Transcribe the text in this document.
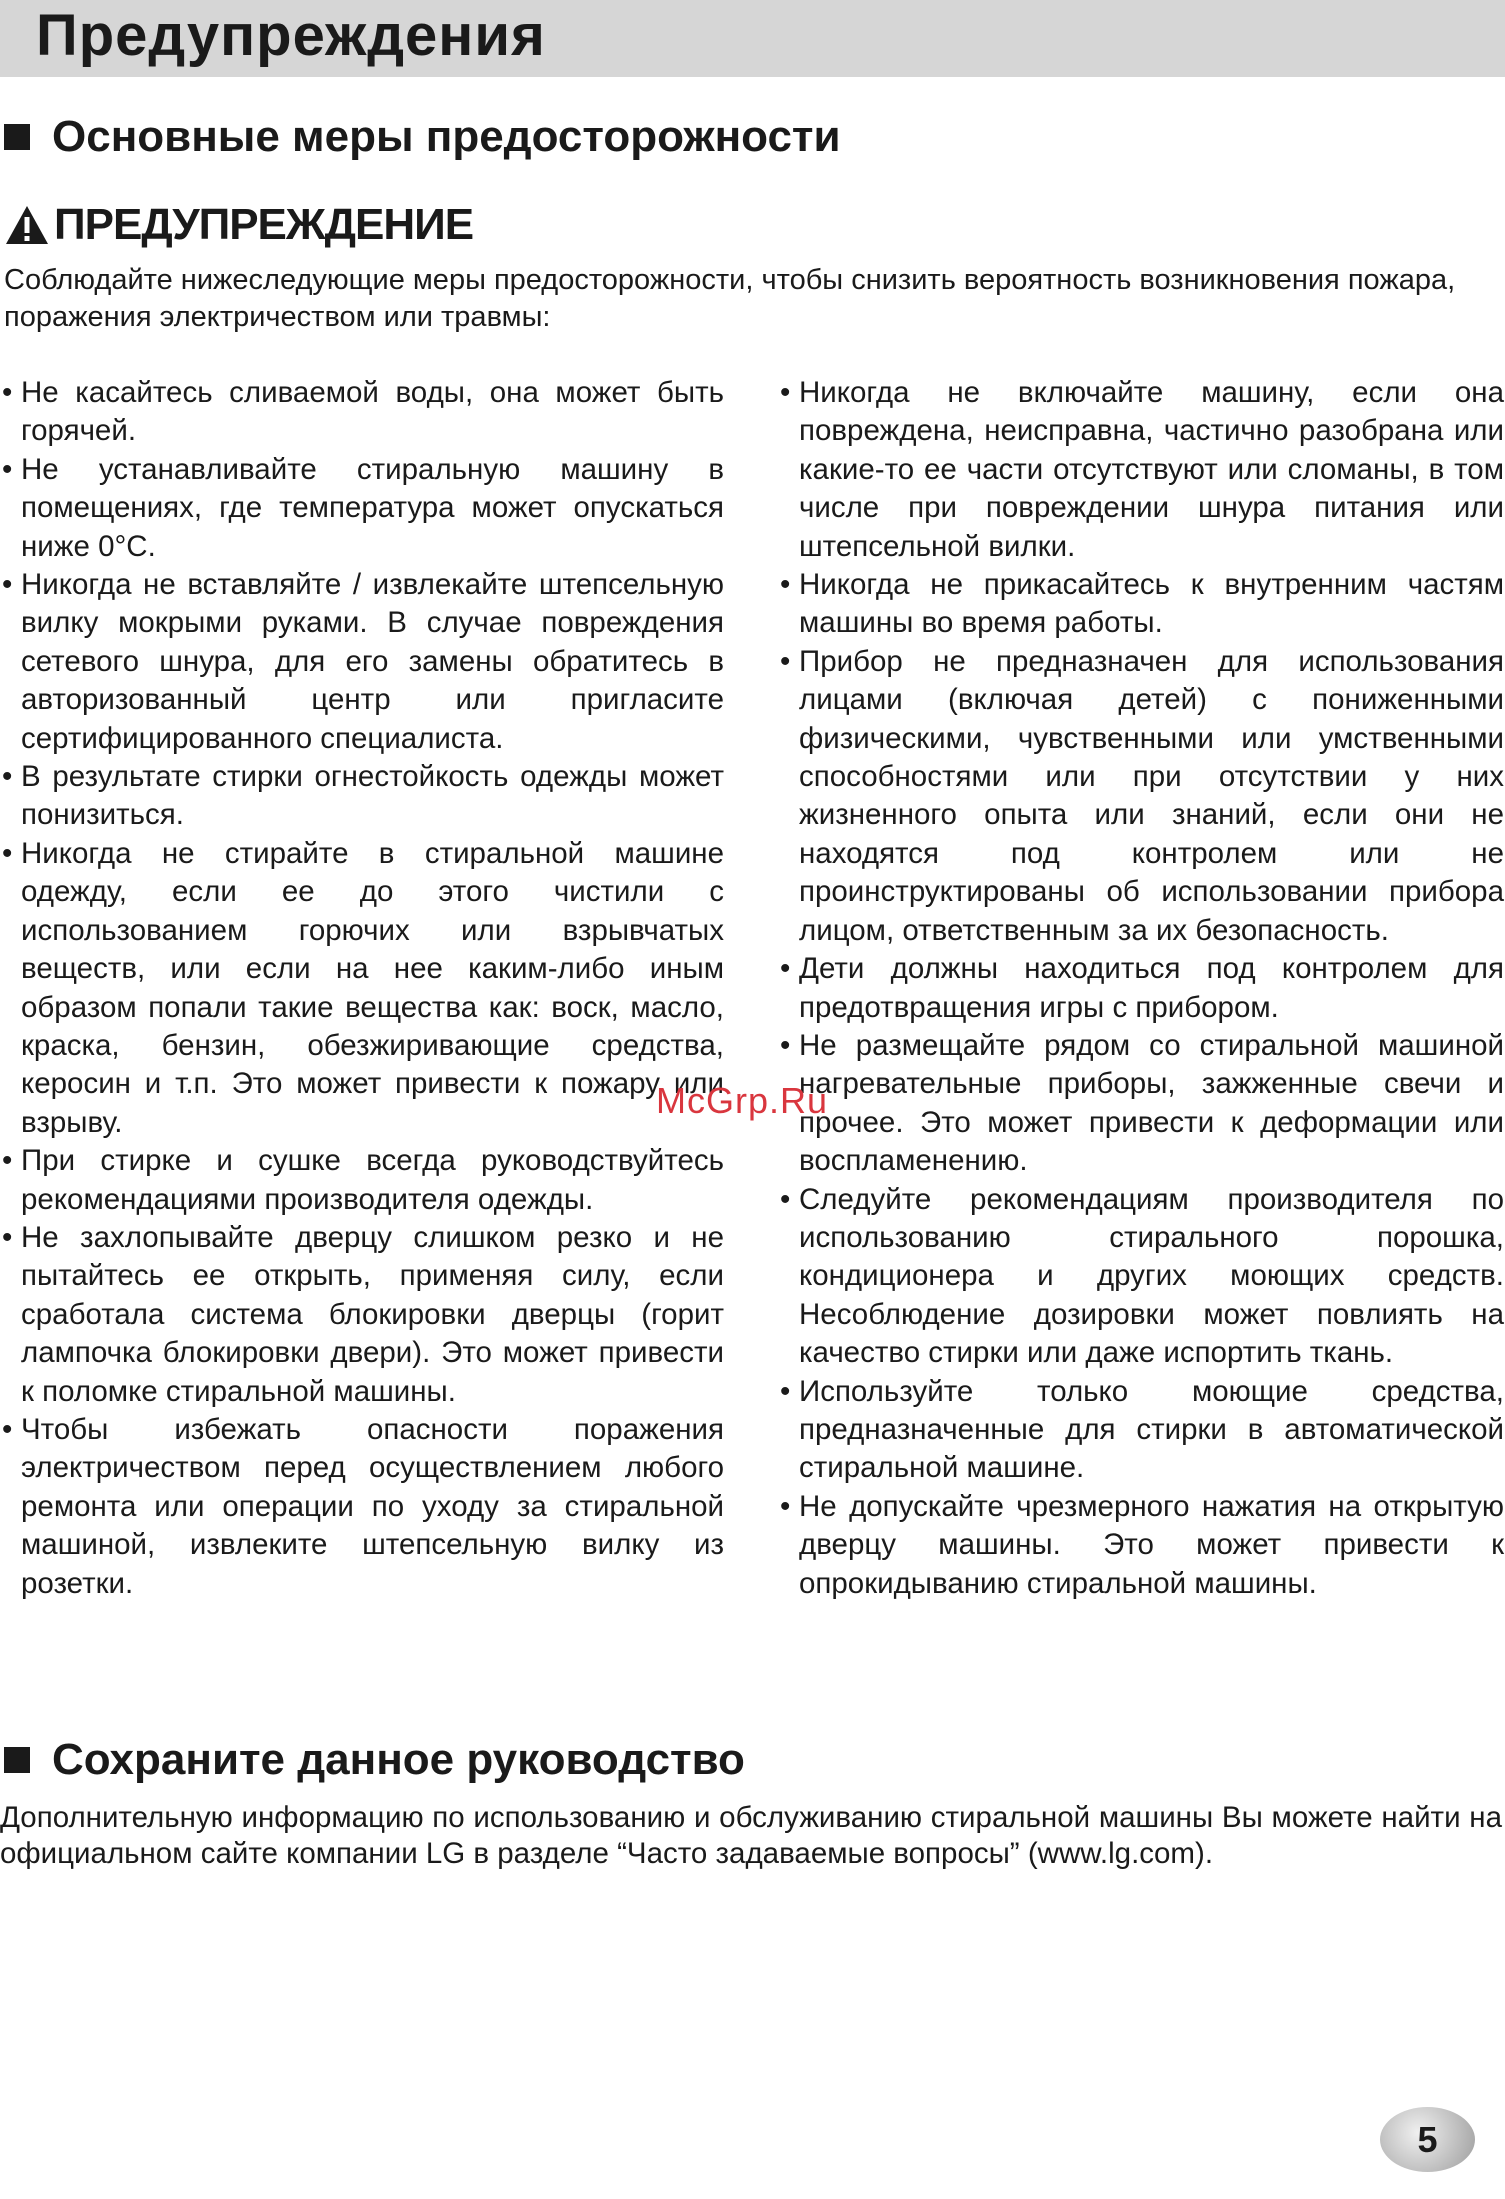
Предупреждения
Основные меры предосторожности
ПРЕДУПРЕЖДЕНИЕ
Соблюдайте нижеследующие меры предосторожности, чтобы снизить вероятность возникновения пожара, поражения электричеством или травмы:
• Не касайтесь сливаемой воды, она может быть горячей.
• Не устанавливайте стиральную машину в помещениях, где температура может опускаться ниже 0°С.
• Никогда не вставляйте / извлекайте штепсельную вилку мокрыми руками. В случае повреждения сетевого шнура, для его замены обратитесь в авторизованный центр или пригласите сертифицированного специалиста.
• В результате стирки огнестойкость одежды может понизиться.
• Никогда не стирайте в стиральной машине одежду, если ее до этого чистили с использованием горючих или взрывчатых веществ, или если на нее каким-либо иным образом попали такие вещества как: воск, масло, краска, бензин, обезжиривающие средства, керосин и т.п. Это может привести к пожару или взрыву.
• При стирке и сушке всегда руководствуйтесь рекомендациями производителя одежды.
• Не захлопывайте дверцу слишком резко и не пытайтесь ее открыть, применяя силу, если сработала система блокировки дверцы (горит лампочка блокировки двери). Это может привести к поломке стиральной машины.
• Чтобы избежать опасности поражения электричеством перед осуществлением любого ремонта или операции по уходу за стиральной машиной, извлеките штепсельную вилку из розетки.
• Никогда не включайте машину, если она повреждена, неисправна, частично разобрана или какие-то ее части отсутствуют или сломаны, в том числе при повреждении шнура питания или штепсельной вилки.
• Никогда не прикасайтесь к внутренним частям машины во время работы.
• Прибор не предназначен для использования лицами (включая детей) с пониженными физическими, чувственными или умственными способностями или при отсутствии у них жизненного опыта или знаний, если они не находятся под контролем или не проинструктированы об использовании прибора лицом, ответственным за их безопасность.
• Дети должны находиться под контролем для предотвращения игры с прибором.
• Не размещайте рядом со стиральной машиной нагревательные приборы, зажженные свечи и прочее. Это может привести к деформации или воспламенению.
• Следуйте рекомендациям производителя по использованию стирального порошка, кондиционера и других моющих средств. Несоблюдение дозировки может повлиять на качество стирки или даже испортить ткань.
• Используйте только моющие средства, предназначенные для стирки в автоматической стиральной машине.
• Не допускайте чрезмерного нажатия на открытую дверцу машины. Это может привести к опрокидыванию стиральной машины.
McGrp.Ru
Сохраните данное руководство
Дополнительную информацию по использованию и обслуживанию стиральной машины Вы можете найти на официальном сайте компании LG в разделе “Часто задаваемые вопросы” (www.lg.com).
5
